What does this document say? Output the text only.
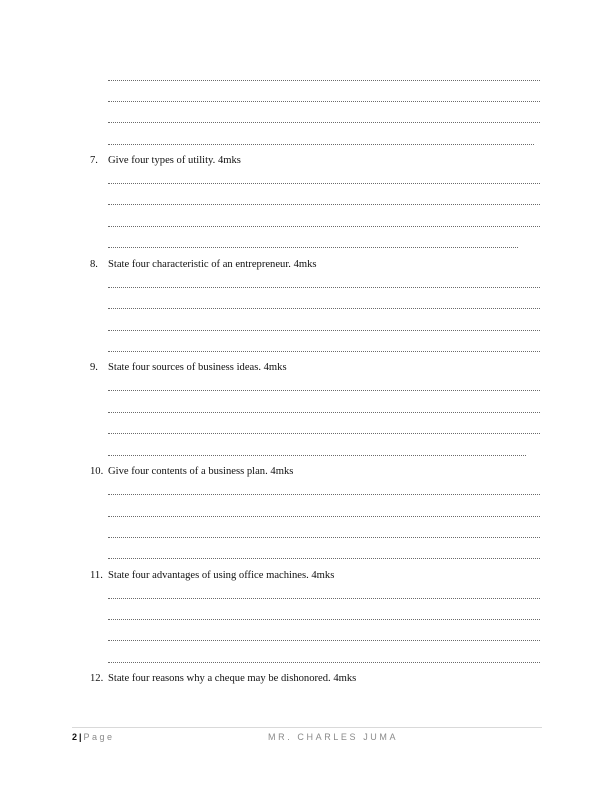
7. Give four types of utility. 4mks
8. State four characteristic of an entrepreneur. 4mks
9. State four sources of business ideas. 4mks
10. Give four contents of a business plan. 4mks
11. State four advantages of using office machines. 4mks
12. State four reasons why a cheque may be dishonored. 4mks
2 | Page	MR. CHARLES JUMA
